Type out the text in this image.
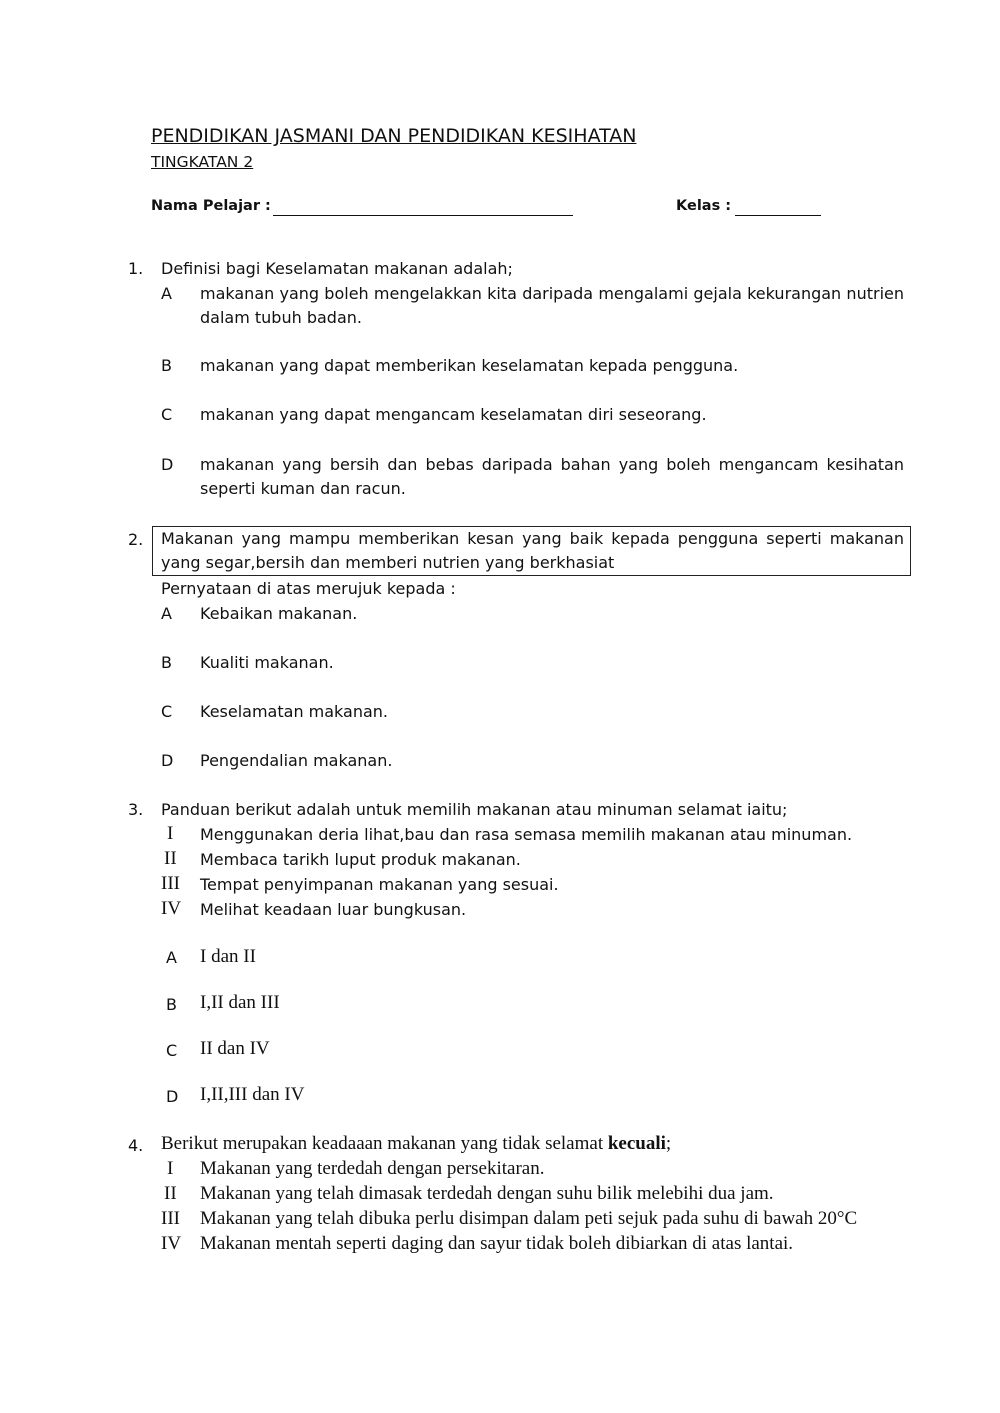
PENDIDIKAN JASMANI DAN PENDIDIKAN KESIHATAN
TINGKATAN 2
Nama Pelajar :	Kelas :
1. Definisi bagi Keselamatan makanan adalah;
A makanan yang boleh mengelakkan kita daripada mengalami gejala kekurangan nutrien dalam tubuh badan.
B makanan yang dapat memberikan keselamatan kepada pengguna.
C makanan yang dapat mengancam keselamatan diri seseorang.
D makanan yang bersih dan bebas daripada bahan yang boleh mengancam kesihatan seperti kuman dan racun.
2. Makanan yang mampu memberikan kesan yang baik kepada pengguna seperti makanan yang segar,bersih dan memberi nutrien yang berkhasiat
Pernyataan di atas merujuk kepada :
A Kebaikan makanan.
B Kualiti makanan.
C Keselamatan makanan.
D Pengendalian makanan.
3. Panduan berikut adalah untuk memilih makanan atau minuman selamat iaitu;
I Menggunakan deria lihat,bau dan rasa semasa memilih makanan atau minuman.
II Membaca tarikh luput produk makanan.
III Tempat penyimpanan makanan yang sesuai.
IV Melihat keadaan luar bungkusan.
A I dan II
B I,II dan III
C II dan IV
D I,II,III dan IV
4. Berikut merupakan keadaaan makanan yang tidak selamat kecuali;
I Makanan yang terdedah dengan persekitaran.
II Makanan yang telah dimasak terdedah dengan suhu bilik melebihi dua jam.
III Makanan yang telah dibuka perlu disimpan dalam peti sejuk pada suhu di bawah 20°C
IV Makanan mentah seperti daging dan sayur tidak boleh dibiarkan di atas lantai.
